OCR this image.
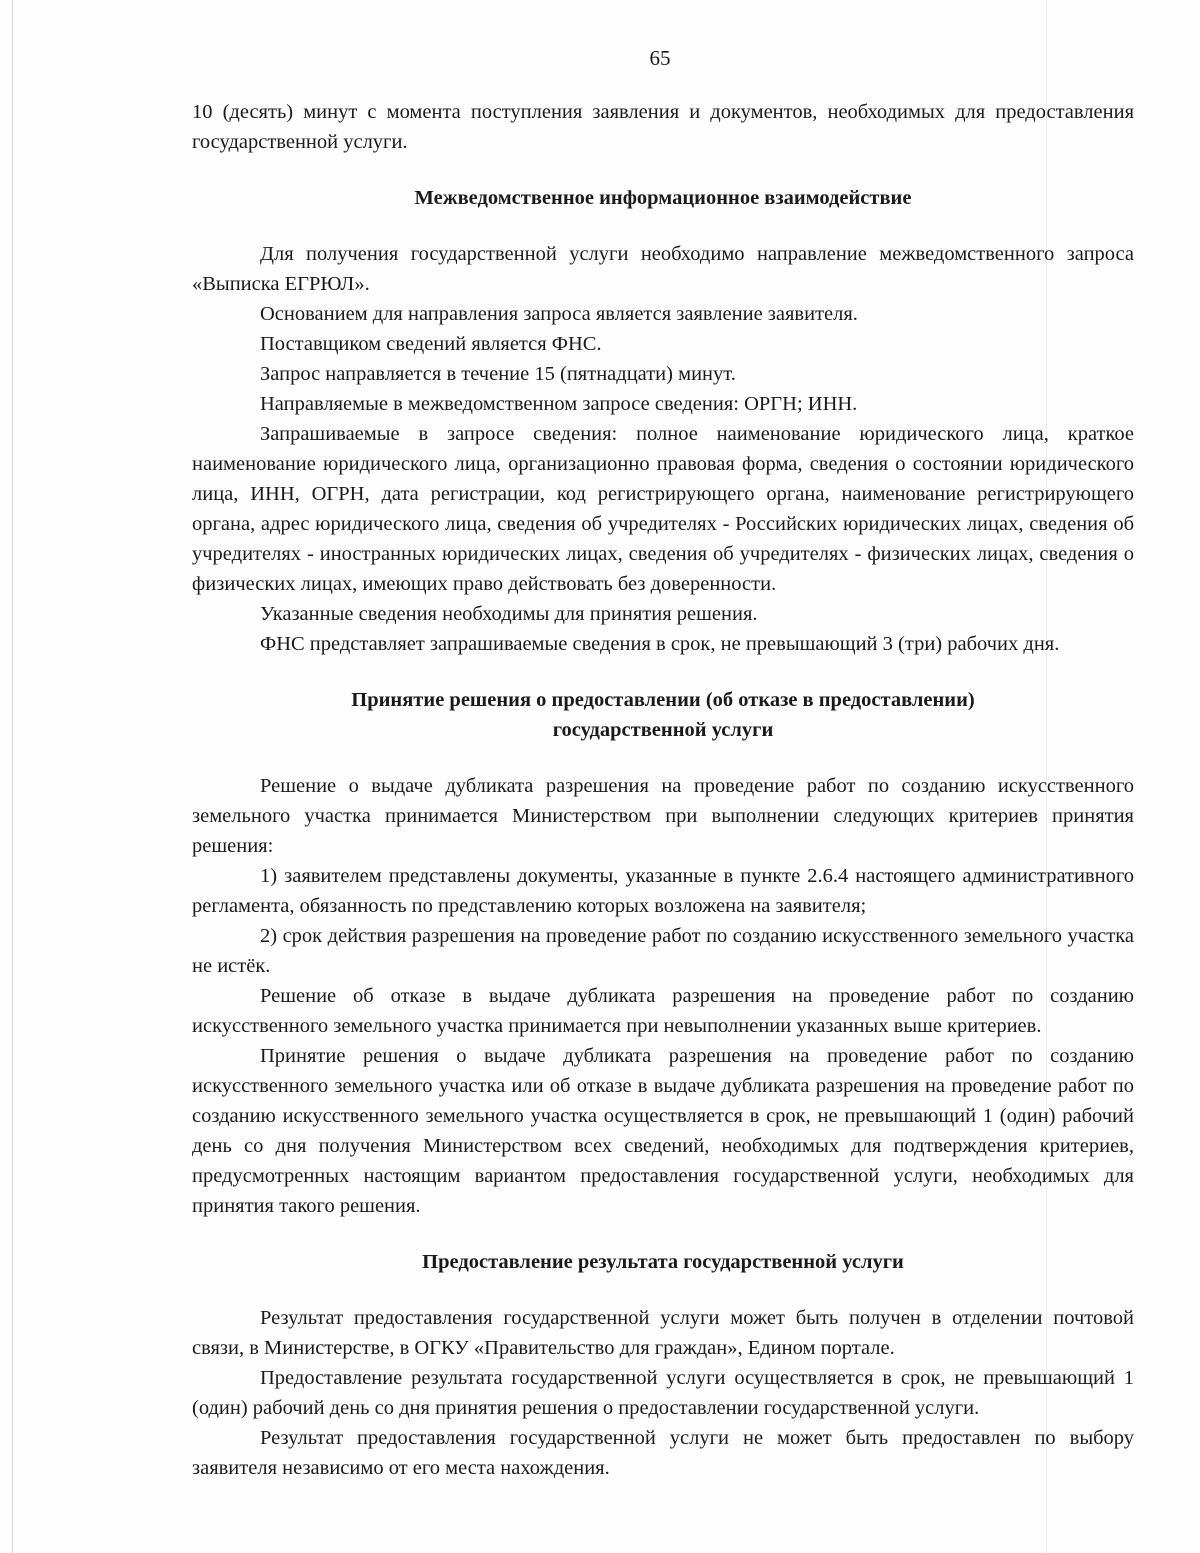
65

10 (десять) минут с момента поступления заявления и документов, необходимых для предоставления государственной услуги.

Межведомственное информационное взаимодействие

Для получения государственной услуги необходимо направление межведомственного запроса «Выписка ЕГРЮЛ».

Основанием для направления запроса является заявление заявителя.

Поставщиком сведений является ФНС.

Запрос направляется в течение 15 (пятнадцати) минут.

Направляемые в межведомственном запросе сведения: ОРГН; ИНН.

Запрашиваемые в запросе сведения: полное наименование юридического лица, краткое наименование юридического лица, организационно правовая форма, сведения о состоянии юридического лица, ИНН, ОГРН, дата регистрации, код регистрирующего органа, наименование регистрирующего органа, адрес юридического лица, сведения об учредителях - Российских юридических лицах, сведения об учредителях - иностранных юридических лицах, сведения об учредителях - физических лицах, сведения о физических лицах, имеющих право действовать без доверенности.

Указанные сведения необходимы для принятия решения.

ФНС представляет запрашиваемые сведения в срок, не превышающий 3 (три) рабочих дня.

Принятие решения о предоставлении (об отказе в предоставлении)
государственной услуги

Решение о выдаче дубликата разрешения на проведение работ по созданию искусственного земельного участка принимается Министерством при выполнении следующих критериев принятия решения:

1) заявителем представлены документы, указанные в пункте 2.6.4 настоящего административного регламента, обязанность по представлению которых возложена на заявителя;

2) срок действия разрешения на проведение работ по созданию искусственного земельного участка не истёк.

Решение об отказе в выдаче дубликата разрешения на проведение работ по созданию искусственного земельного участка принимается при невыполнении указанных выше критериев.

Принятие решения о выдаче дубликата разрешения на проведение работ по созданию искусственного земельного участка или об отказе в выдаче дубликата разрешения на проведение работ по созданию искусственного земельного участка осуществляется в срок, не превышающий 1 (один) рабочий день со дня получения Министерством всех сведений, необходимых для подтверждения критериев, предусмотренных настоящим вариантом предоставления государственной услуги, необходимых для принятия такого решения.

Предоставление результата государственной услуги

Результат предоставления государственной услуги может быть получен в отделении почтовой связи, в Министерстве, в ОГКУ «Правительство для граждан», Едином портале.

Предоставление результата государственной услуги осуществляется в срок, не превышающий 1 (один) рабочий день со дня принятия решения о предоставлении государственной услуги.

Результат предоставления государственной услуги не может быть предоставлен по выбору заявителя независимо от его места нахождения.
